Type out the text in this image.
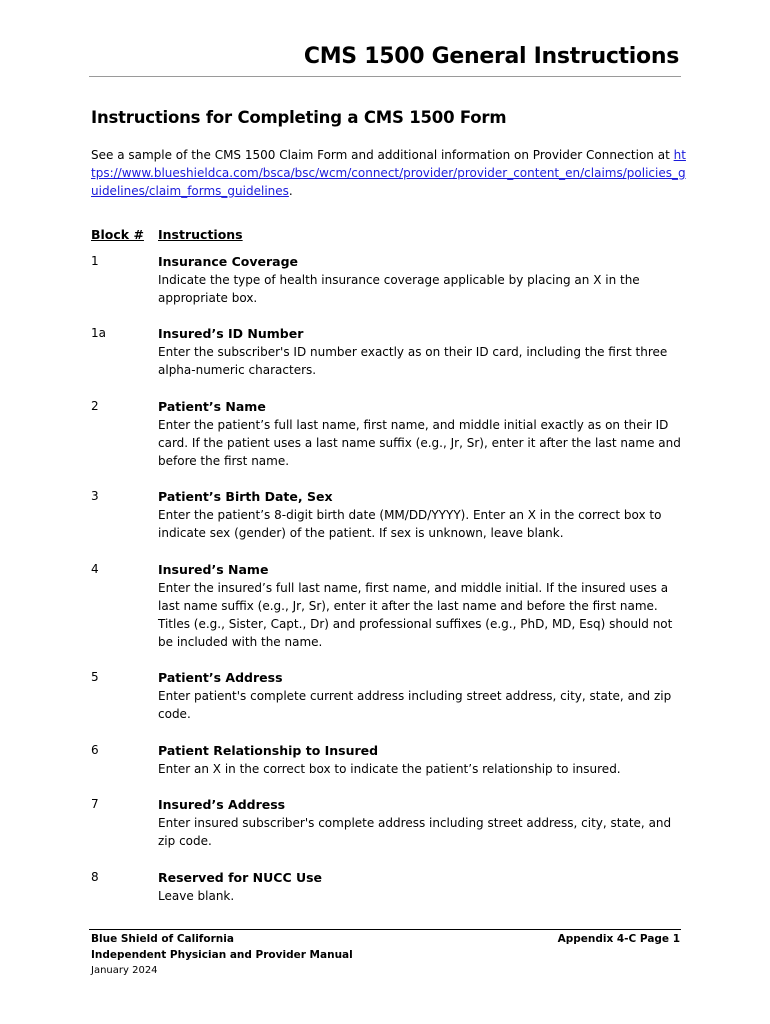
CMS 1500 General Instructions
Instructions for Completing a CMS 1500 Form
See a sample of the CMS 1500 Claim Form and additional information on Provider Connection at https://www.blueshieldca.com/bsca/bsc/wcm/connect/provider/provider_content_en/claims/policies_guidelines/claim_forms_guidelines.
Block # Instructions
1	Insurance Coverage
Indicate the type of health insurance coverage applicable by placing an X in the appropriate box.
1a	Insured’s ID Number
Enter the subscriber's ID number exactly as on their ID card, including the first three alpha-numeric characters.
2	Patient’s Name
Enter the patient’s full last name, first name, and middle initial exactly as on their ID card. If the patient uses a last name suffix (e.g., Jr, Sr), enter it after the last name and before the first name.
3	Patient’s Birth Date, Sex
Enter the patient’s 8-digit birth date (MM/DD/YYYY). Enter an X in the correct box to indicate sex (gender) of the patient. If sex is unknown, leave blank.
4	Insured’s Name
Enter the insured’s full last name, first name, and middle initial. If the insured uses a last name suffix (e.g., Jr, Sr), enter it after the last name and before the first name. Titles (e.g., Sister, Capt., Dr) and professional suffixes (e.g., PhD, MD, Esq) should not be included with the name.
5	Patient’s Address
Enter patient's complete current address including street address, city, state, and zip code.
6	Patient Relationship to Insured
Enter an X in the correct box to indicate the patient’s relationship to insured.
7	Insured’s Address
Enter insured subscriber's complete address including street address, city, state, and zip code.
8	Reserved for NUCC Use
Leave blank.
Blue Shield of California
Independent Physician and Provider Manual
January 2024
Appendix 4-C Page 1
